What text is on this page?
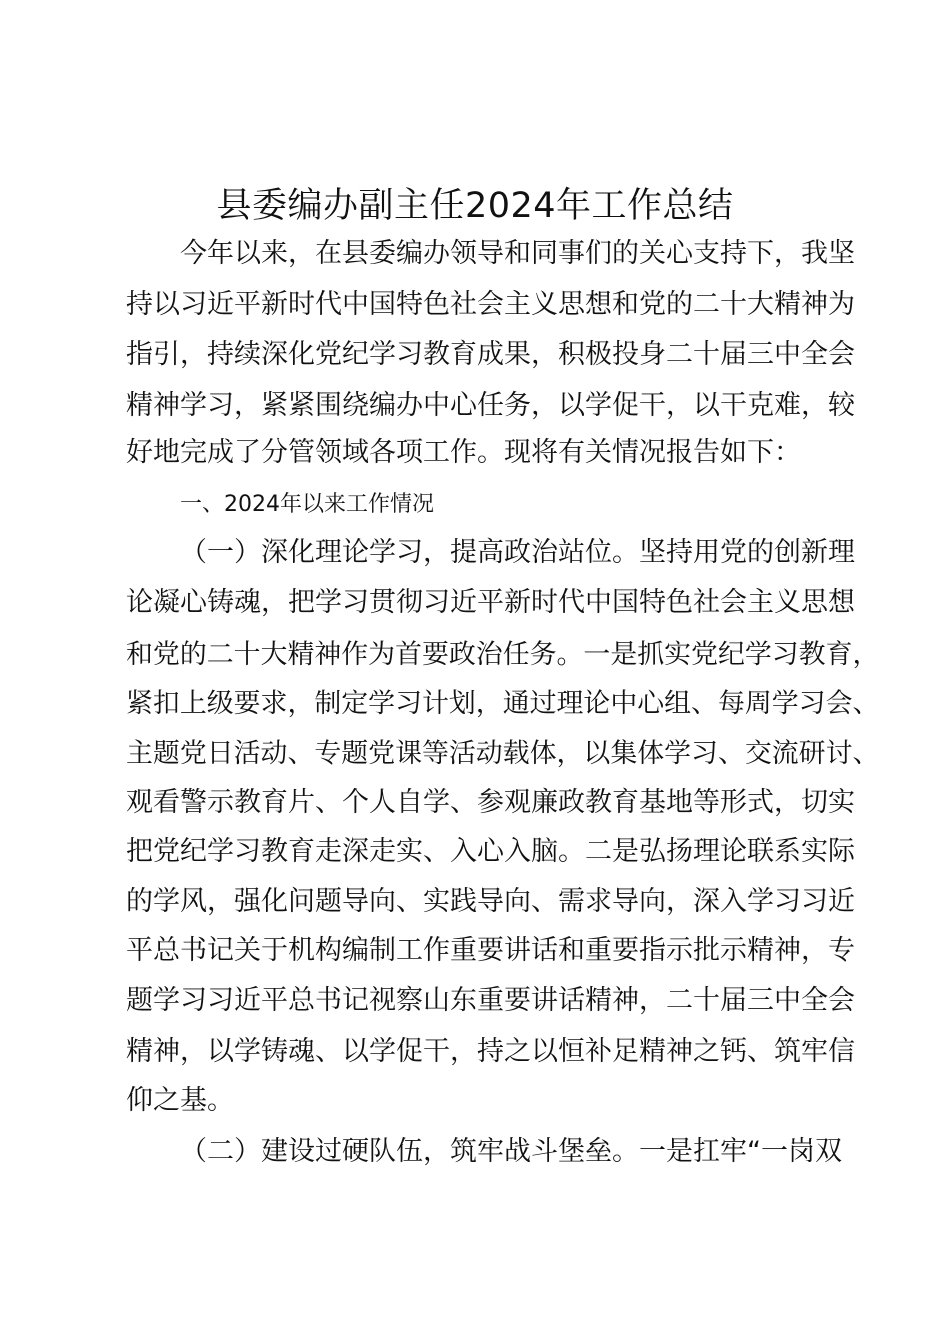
县委编办副主任2024年工作总结
今年以来，在县委编办领导和同事们的关心支持下，我坚
持以习近平新时代中国特色社会主义思想和党的二十大精神为
指引，持续深化党纪学习教育成果，积极投身二十届三中全会
精神学习，紧紧围绕编办中心任务，以学促干，以干克难，较
好地完成了分管领域各项工作。现将有关情况报告如下：
一、2024年以来工作情况
（一）深化理论学习，提高政治站位。坚持用党的创新理
论凝心铸魂，把学习贯彻习近平新时代中国特色社会主义思想
和党的二十大精神作为首要政治任务。一是抓实党纪学习教育，
紧扣上级要求，制定学习计划，通过理论中心组、每周学习会、
主题党日活动、专题党课等活动载体，以集体学习、交流研讨、
观看警示教育片、个人自学、参观廉政教育基地等形式，切实
把党纪学习教育走深走实、入心入脑。二是弘扬理论联系实际
的学风，强化问题导向、实践导向、需求导向，深入学习习近
平总书记关于机构编制工作重要讲话和重要指示批示精神，专
题学习习近平总书记视察山东重要讲话精神，二十届三中全会
精神，以学铸魂、以学促干，持之以恒补足精神之钙、筑牢信
仰之基。
（二）建设过硬队伍，筑牢战斗堡垒。一是扛牢“一岗双
